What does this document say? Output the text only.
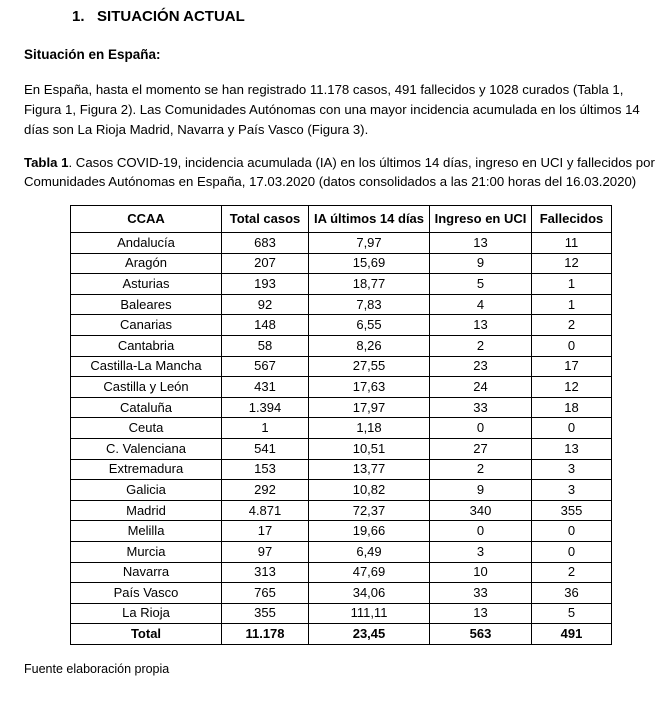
1. SITUACIÓN ACTUAL
Situación en España:
En España, hasta el momento se han registrado 11.178 casos, 491 fallecidos y 1028 curados (Tabla 1,
Figura 1, Figura 2). Las Comunidades Autónomas con una mayor incidencia acumulada en los últimos 14
días son La Rioja Madrid, Navarra y País Vasco (Figura 3).
Tabla 1. Casos COVID-19, incidencia acumulada (IA) en los últimos 14 días, ingreso en UCI y fallecidos por
Comunidades Autónomas en España, 17.03.2020 (datos consolidados a las 21:00 horas del 16.03.2020)
CCAA	Total casos	IA últimos 14 días	Ingreso en UCI	Fallecidos
Andalucía	683	7,97	13	11
Aragón	207	15,69	9	12
Asturias	193	18,77	5	1
Baleares	92	7,83	4	1
Canarias	148	6,55	13	2
Cantabria	58	8,26	2	0
Castilla-La Mancha	567	27,55	23	17
Castilla y León	431	17,63	24	12
Cataluña	1.394	17,97	33	18
Ceuta	1	1,18	0	0
C. Valenciana	541	10,51	27	13
Extremadura	153	13,77	2	3
Galicia	292	10,82	9	3
Madrid	4.871	72,37	340	355
Melilla	17	19,66	0	0
Murcia	97	6,49	3	0
Navarra	313	47,69	10	2
País Vasco	765	34,06	33	36
La Rioja	355	111,11	13	5
Total	11.178	23,45	563	491
Fuente elaboración propia
